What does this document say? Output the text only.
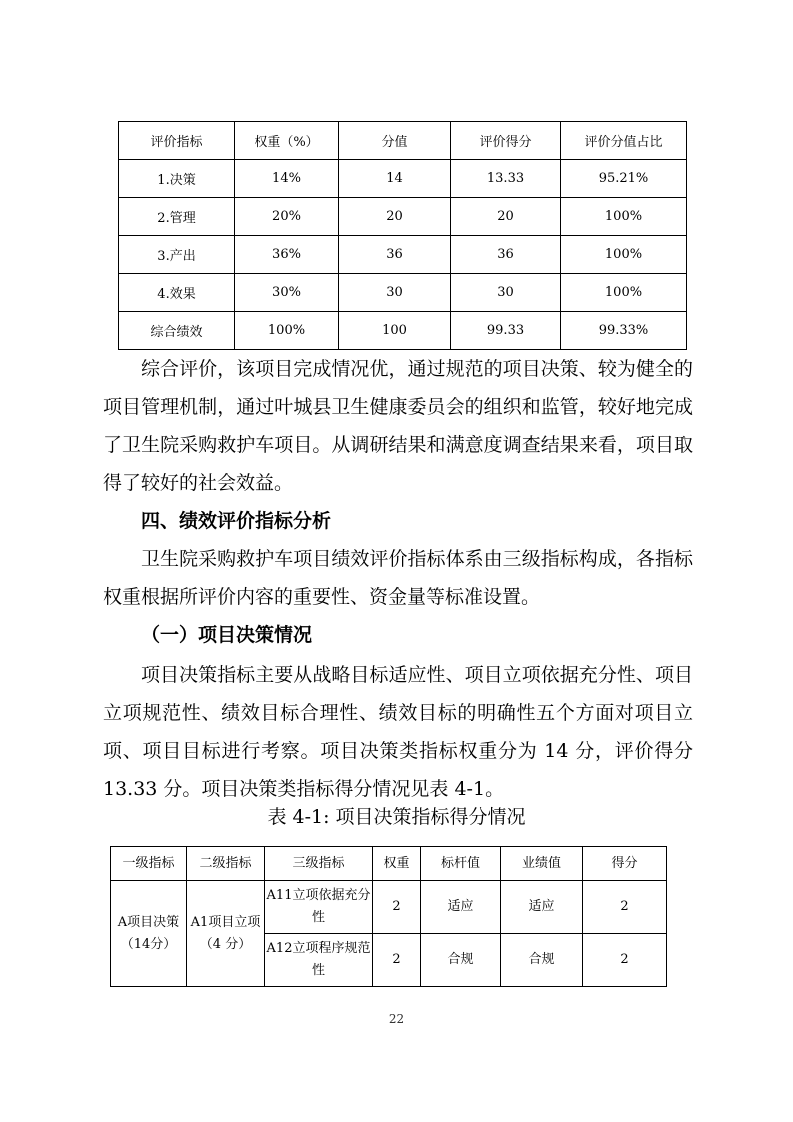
评价指标	权重（%）	分值	评价得分	评价分值占比
1.决策	14%	14	13.33	95.21%
2.管理	20%	20	20	100%
3.产出	36%	36	36	100%
4.效果	30%	30	30	100%
综合绩效	100%	100	99.33	99.33%

综合评价，该项目完成情况优，通过规范的项目决策、较为健全的项目管理机制，通过叶城县卫生健康委员会的组织和监管，较好地完成了卫生院采购救护车项目。从调研结果和满意度调查结果来看，项目取得了较好的社会效益。

四、绩效评价指标分析

卫生院采购救护车项目绩效评价指标体系由三级指标构成，各指标权重根据所评价内容的重要性、资金量等标准设置。

（一）项目决策情况

项目决策指标主要从战略目标适应性、项目立项依据充分性、项目立项规范性、绩效目标合理性、绩效目标的明确性五个方面对项目立项、项目目标进行考察。项目决策类指标权重分为 14 分，评价得分13.33 分。项目决策类指标得分情况见表 4-1。

表 4-1: 项目决策指标得分情况

一级指标	二级指标	三级指标	权重	标杆值	业绩值	得分
A项目决策（14分）	A1项目立项（4 分）	A11立项依据充分性	2	适应	适应	2
		A12立项程序规范性	2	合规	合规	2
22
